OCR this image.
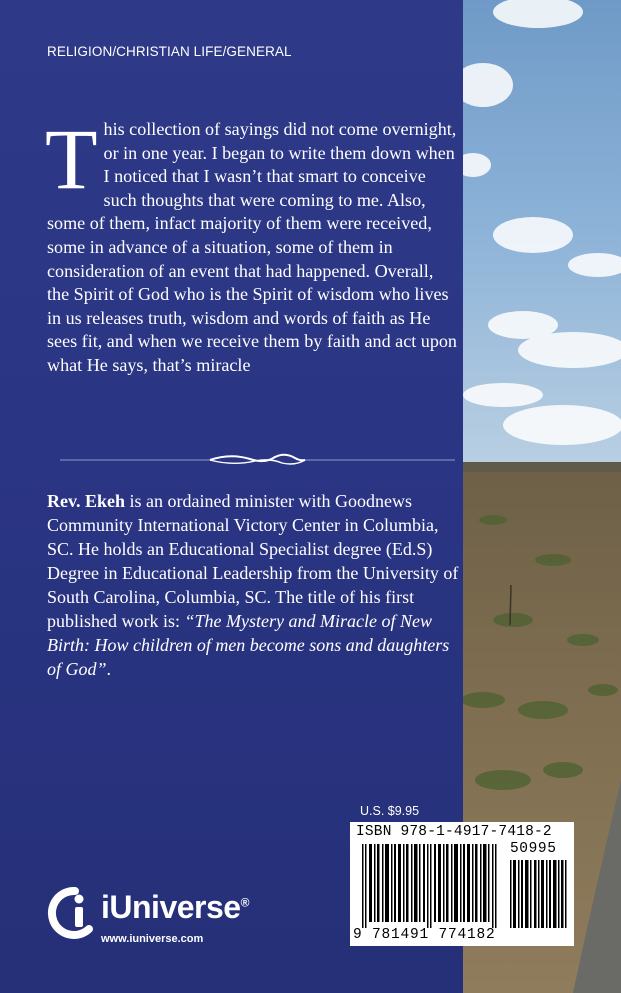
RELIGION/CHRISTIAN LIFE/GENERAL

This collection of sayings did not come overnight, or in one year. I began to write them down when I noticed that I wasn’t that smart to conceive such thoughts that were coming to me. Also, some of them, infact majority of them were received, some in advance of a situation, some of them in consideration of an event that had happened. Overall, the Spirit of God who is the Spirit of wisdom who lives in us releases truth, wisdom and words of faith as He sees fit, and when we receive them by faith and act upon what He says, that’s miracle

Rev. Ekeh is an ordained minister with Goodnews Community International Victory Center in Columbia, SC. He holds an Educational Specialist degree (Ed.S) Degree in Educational Leadership from the University of South Carolina, Columbia, SC. The title of his first published work is: “The Mystery and Miracle of New Birth: How children of men become sons and daughters of God”.

U.S. $9.95
ISBN 978-1-4917-7418-2
50995
9 781491 774182
iUniverse®
www.iuniverse.com
